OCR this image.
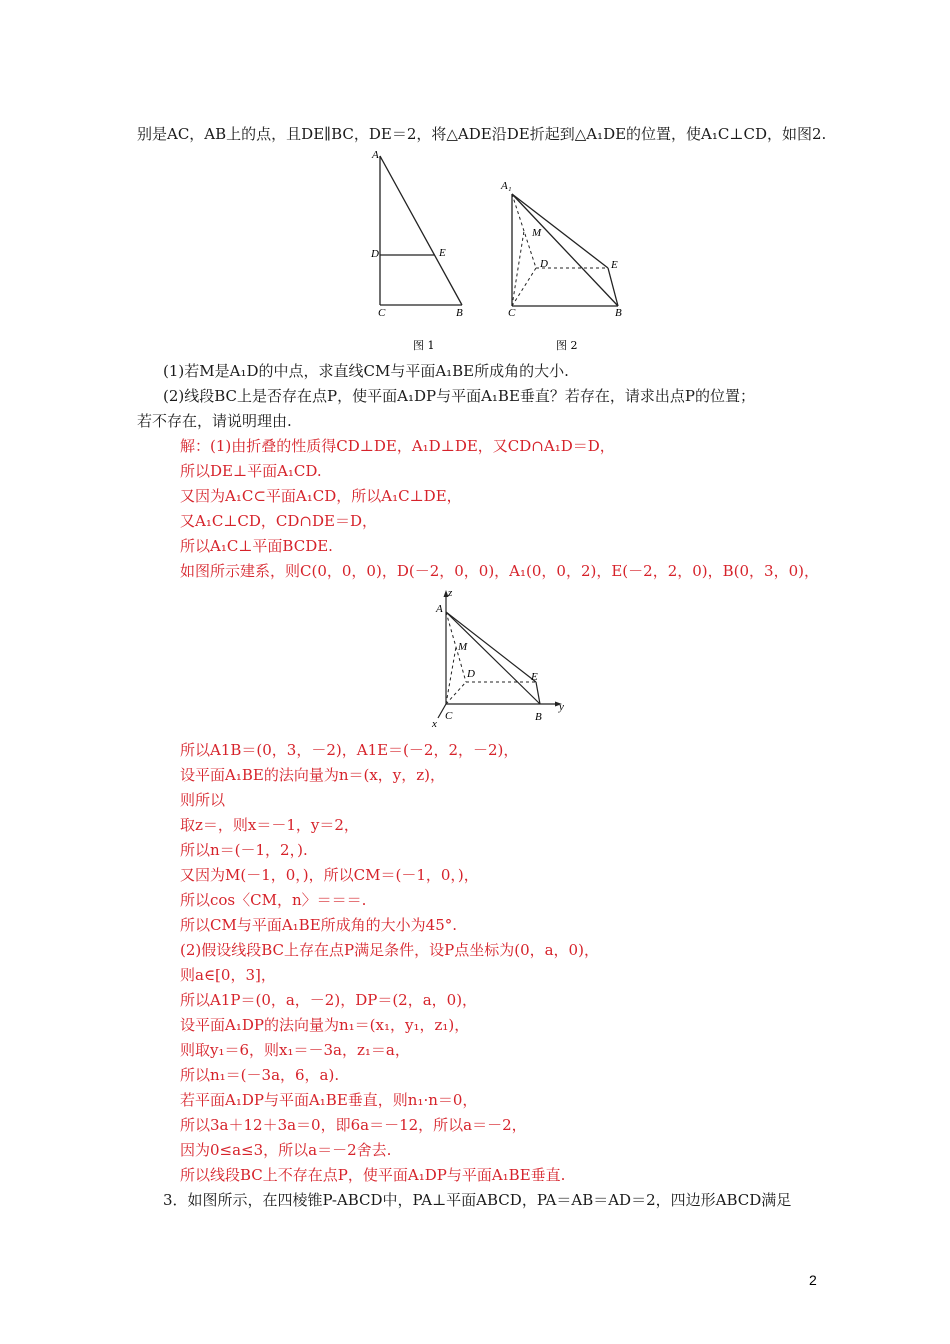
别是AC，AB上的点，且DE∥BC，DE＝2，将△ADE沿DE折起到△A₁DE的位置，使A₁C⊥CD，如图2.
A
D	E
C	B
图 1
A₁
M
D	E
C	B
图 2
(1)若M是A₁D的中点，求直线CM与平面A₁BE所成角的大小.
(2)线段BC上是否存在点P，使平面A₁DP与平面A₁BE垂直？若存在，请求出点P的位置；
若不存在，请说明理由.
解：(1)由折叠的性质得CD⊥DE，A₁D⊥DE，又CD∩A₁D＝D，
所以DE⊥平面A₁CD.
又因为A₁C⊂平面A₁CD，所以A₁C⊥DE，
又A₁C⊥CD，CD∩DE＝D，
所以A₁C⊥平面BCDE.
如图所示建系，则C(0，0，0)，D(－2，0，0)，A₁(0，0，2)，E(－2，2，0)，B(0，3，0)，
z
A
M
D	E
C	B
y
x
所以A1B＝(0，3，－2)，A1E＝(－2，2，－2)，
设平面A₁BE的法向量为n＝(x，y，z)，
则所以
取z＝，则x＝－1，y＝2，
所以n＝(－1，2，).
又因为M(－1，0，)，所以CM＝(－1，0，)，
所以cos〈CM，n〉＝＝＝.
所以CM与平面A₁BE所成角的大小为45°.
(2)假设线段BC上存在点P满足条件，设P点坐标为(0，a，0)，
则a∈[0，3]，
所以A1P＝(0，a，－2)，DP＝(2，a，0)，
设平面A₁DP的法向量为n₁＝(x₁，y₁，z₁)，
则取y₁＝6，则x₁＝－3a，z₁＝a，
所以n₁＝(－3a，6，a).
若平面A₁DP与平面A₁BE垂直，则n₁·n＝0，
所以3a＋12＋3a＝0，即6a＝－12，所以a＝－2，
因为0≤a≤3，所以a＝－2舍去.
所以线段BC上不存在点P，使平面A₁DP与平面A₁BE垂直.
3．如图所示，在四棱锥P-ABCD中，PA⊥平面ABCD，PA＝AB＝AD＝2，四边形ABCD满足
2
